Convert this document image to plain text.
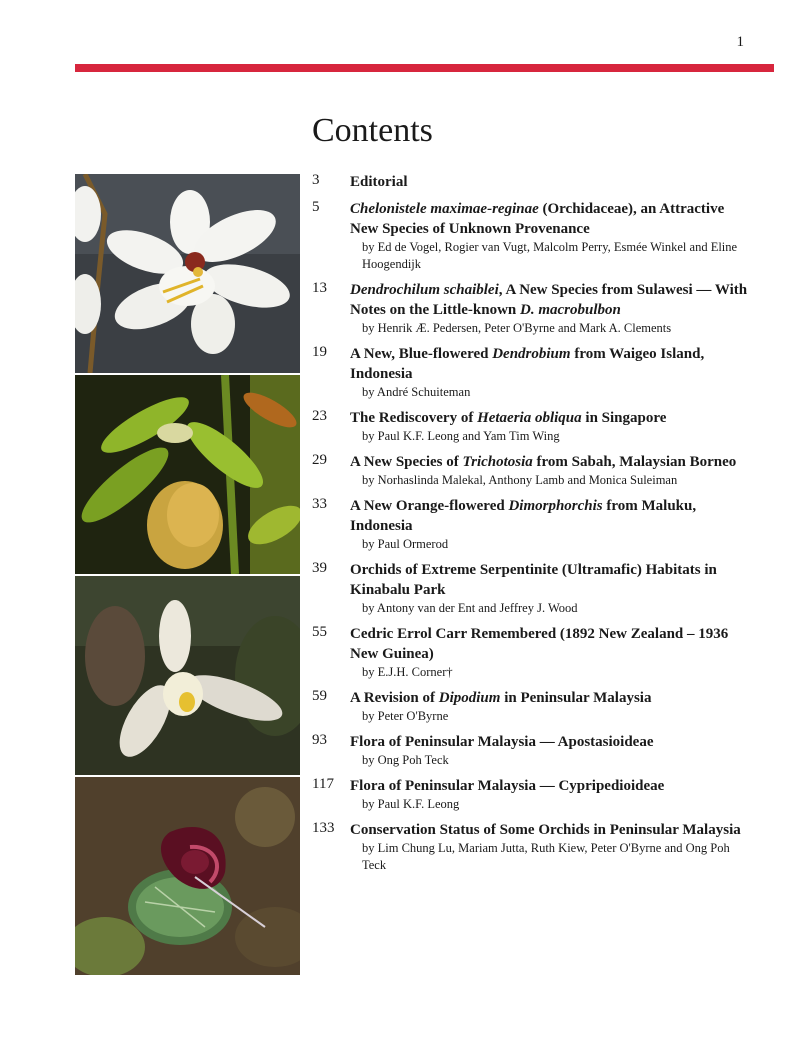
1
Contents
3 Editorial
5 Chelonistele maximae-reginae (Orchidaceae), an Attractive New Species of Unknown Provenance
by Ed de Vogel, Rogier van Vugt, Malcolm Perry, Esmée Winkel and Eline Hoogendijk
13 Dendrochilum schaiblei, A New Species from Sulawesi — With Notes on the Little-known D. macrobulbon
by Henrik Æ. Pedersen, Peter O'Byrne and Mark A. Clements
19 A New, Blue-flowered Dendrobium from Waigeo Island, Indonesia
by André Schuiteman
23 The Rediscovery of Hetaeria obliqua in Singapore
by Paul K.F. Leong and Yam Tim Wing
29 A New Species of Trichotosia from Sabah, Malaysian Borneo
by Norhaslinda Malekal, Anthony Lamb and Monica Suleiman
33 A New Orange-flowered Dimorphorchis from Maluku, Indonesia
by Paul Ormerod
39 Orchids of Extreme Serpentinite (Ultramafic) Habitats in Kinabalu Park
by Antony van der Ent and Jeffrey J. Wood
55 Cedric Errol Carr Remembered (1892 New Zealand – 1936 New Guinea)
by E.J.H. Corner†
59 A Revision of Dipodium in Peninsular Malaysia
by Peter O'Byrne
93 Flora of Peninsular Malaysia — Apostasioideae
by Ong Poh Teck
117 Flora of Peninsular Malaysia — Cypripedioideae
by Paul K.F. Leong
133 Conservation Status of Some Orchids in Peninsular Malaysia
by Lim Chung Lu, Mariam Jutta, Ruth Kiew, Peter O'Byrne and Ong Poh Teck
